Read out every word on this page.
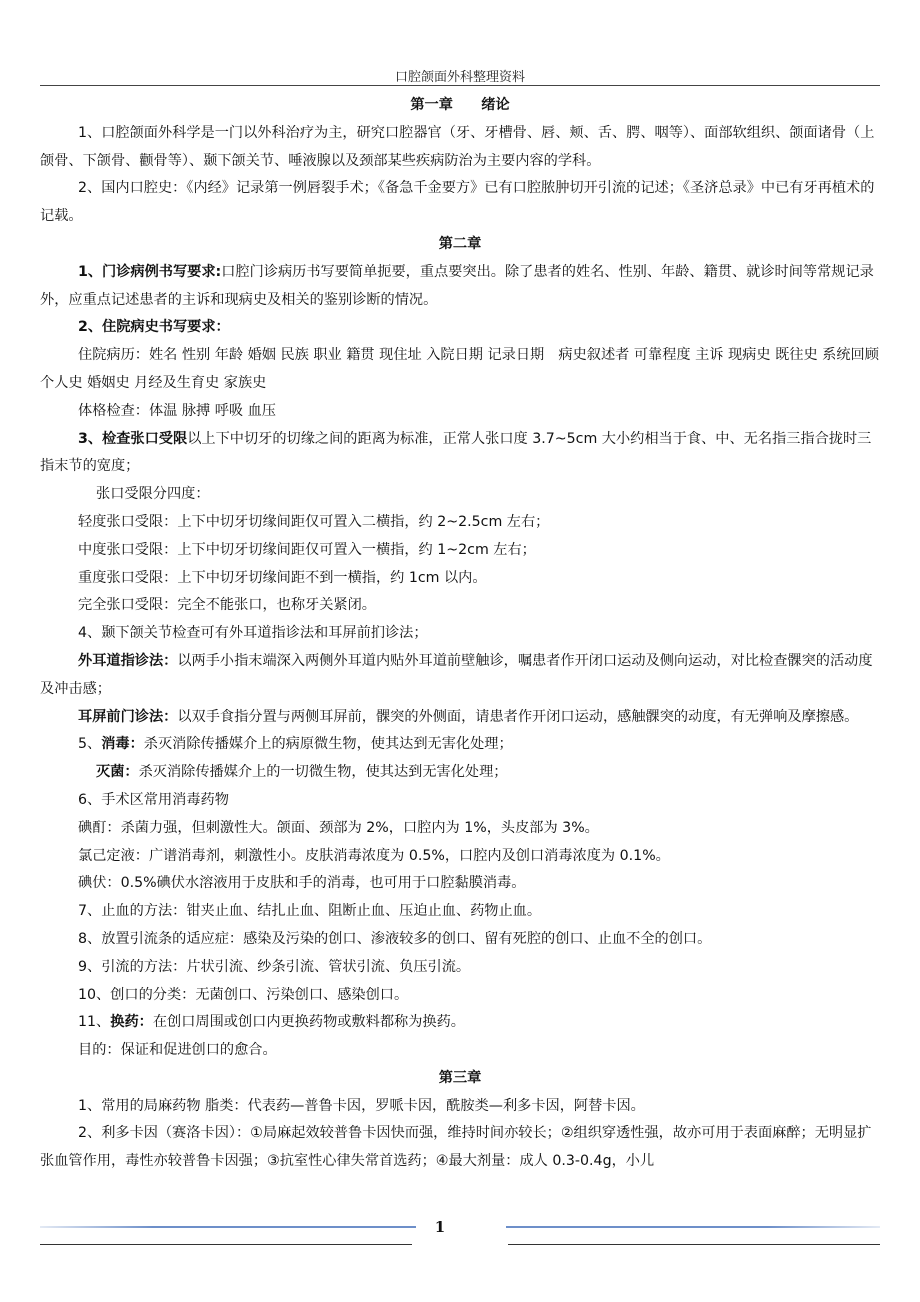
口腔颌面外科整理资料

第一章　　绪论

1、口腔颌面外科学是一门以外科治疗为主，研究口腔器官（牙、牙槽骨、唇、颊、舌、腭、咽等）、面部软组织、颌面诸骨（上颌骨、下颌骨、颧骨等）、颞下颌关节、唾液腺以及颈部某些疾病防治为主要内容的学科。

2、国内口腔史：《内经》记录第一例唇裂手术；《备急千金要方》已有口腔脓肿切开引流的记述；《圣济总录》中已有牙再植术的记载。

第二章

1、门诊病例书写要求:口腔门诊病历书写要简单扼要，重点要突出。除了患者的姓名、性别、年龄、籍贯、就诊时间等常规记录外，应重点记述患者的主诉和现病史及相关的鉴别诊断的情况。

2、住院病史书写要求：

住院病历：姓名 性别 年龄 婚姻 民族 职业 籍贯 现住址 入院日期 记录日期　病史叙述者 可靠程度 主诉 现病史 既往史 系统回顾 个人史 婚姻史 月经及生育史 家族史

体格检查：体温 脉搏 呼吸 血压

3、检查张口受限以上下中切牙的切缘之间的距离为标准，正常人张口度 3.7~5cm 大小约相当于食、中、无名指三指合拢时三指末节的宽度；

张口受限分四度：

轻度张口受限：上下中切牙切缘间距仅可置入二横指，约 2~2.5cm 左右；

中度张口受限：上下中切牙切缘间距仅可置入一横指，约 1~2cm 左右；

重度张口受限：上下中切牙切缘间距不到一横指，约 1cm 以内。

完全张口受限：完全不能张口，也称牙关紧闭。

4、颞下颌关节检查可有外耳道指诊法和耳屏前扪诊法；

外耳道指诊法：以两手小指末端深入两侧外耳道内贴外耳道前壁触诊，嘱患者作开闭口运动及侧向运动，对比检查髁突的活动度及冲击感；

耳屏前门诊法：以双手食指分置与两侧耳屏前，髁突的外侧面，请患者作开闭口运动，感触髁突的动度，有无弹响及摩擦感。

5、消毒：杀灭消除传播媒介上的病原微生物，使其达到无害化处理；

灭菌：杀灭消除传播媒介上的一切微生物，使其达到无害化处理；

6、手术区常用消毒药物

碘酊：杀菌力强，但刺激性大。颌面、颈部为 2%，口腔内为 1%，头皮部为 3%。

氯己定液：广谱消毒剂，刺激性小。皮肤消毒浓度为 0.5%，口腔内及创口消毒浓度为 0.1%。

碘伏：0.5%碘伏水溶液用于皮肤和手的消毒，也可用于口腔黏膜消毒。

7、止血的方法：钳夹止血、结扎止血、阻断止血、压迫止血、药物止血。

8、放置引流条的适应症：感染及污染的创口、渗液较多的创口、留有死腔的创口、止血不全的创口。

9、引流的方法：片状引流、纱条引流、管状引流、负压引流。

10、创口的分类：无菌创口、污染创口、感染创口。

11、换药：在创口周围或创口内更换药物或敷料都称为换药。

目的：保证和促进创口的愈合。

第三章

1、常用的局麻药物 脂类：代表药—普鲁卡因，罗哌卡因，酰胺类—利多卡因，阿替卡因。

2、利多卡因（赛洛卡因）：①局麻起效较普鲁卡因快而强，维持时间亦较长；②组织穿透性强，故亦可用于表面麻醉；无明显扩张血管作用，毒性亦较普鲁卡因强；③抗室性心律失常首选药；④最大剂量：成人 0.3-0.4g，小儿

1
